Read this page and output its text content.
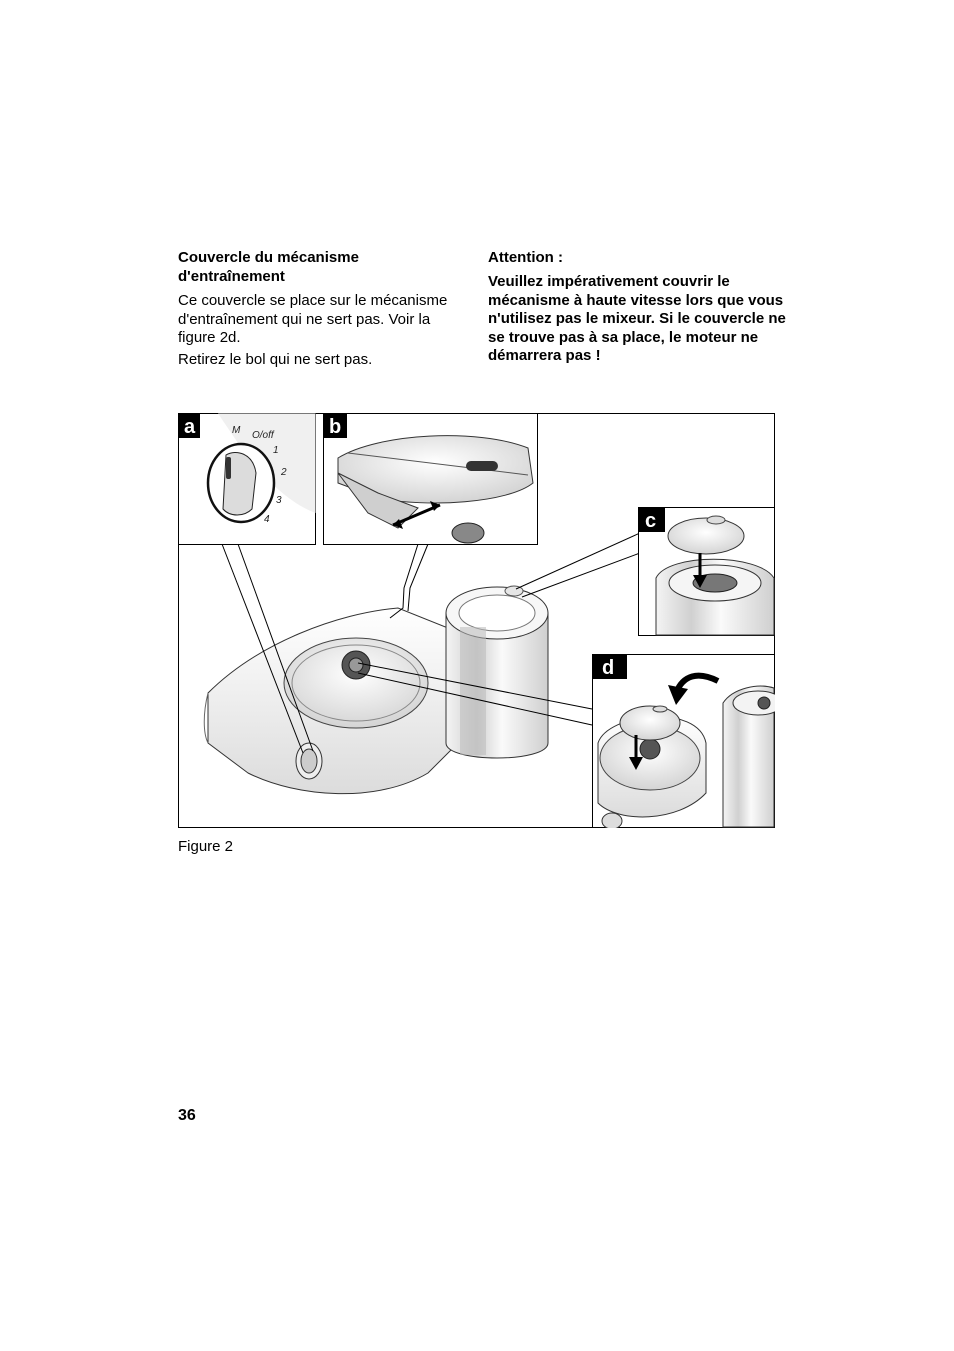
Couvercle du mécanisme d'entraînement

Ce couvercle se place sur le mécanisme d'entraînement qui ne sert pas. Voir la figure 2d.

Retirez le bol qui ne sert pas.

Attention :

Veuillez impérativement couvrir le mécanisme à haute vitesse lors que vous n'utilisez pas le mixeur. Si le couvercle ne se trouve pas à sa place, le moteur ne démarrera pas !

a	M O/off
1
2
3
4
b
c
d
Figure 2
36
